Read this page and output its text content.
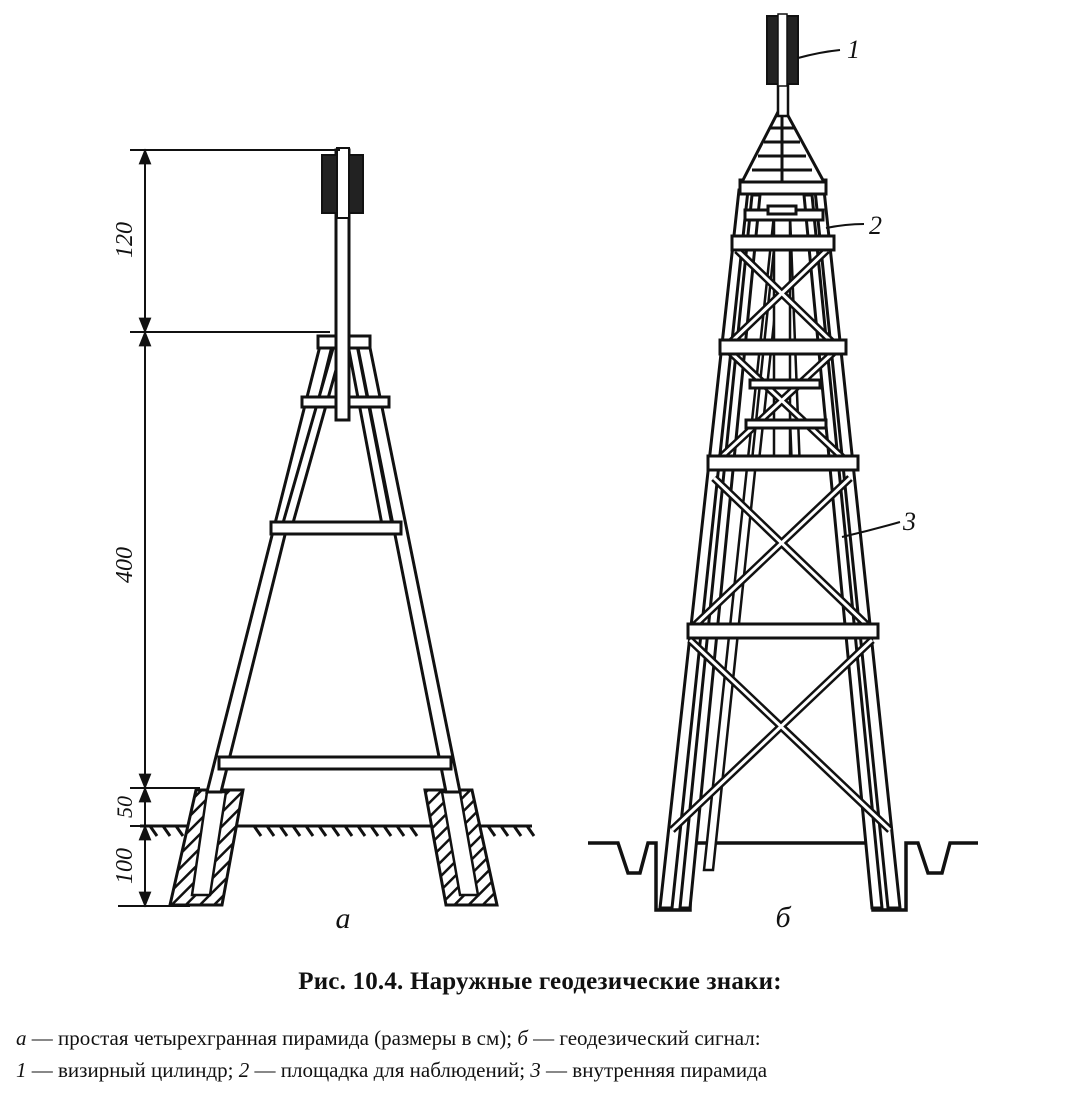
120
400
50
100
а
1
2
3
б
Рис. 10.4. Наружные геодезические знаки:
а — простая четырехгранная пирамида (размеры в см); б — геодезический сигнал:
1 — визирный цилиндр; 2 — площадка для наблюдений; 3 — внутренняя пирамида
